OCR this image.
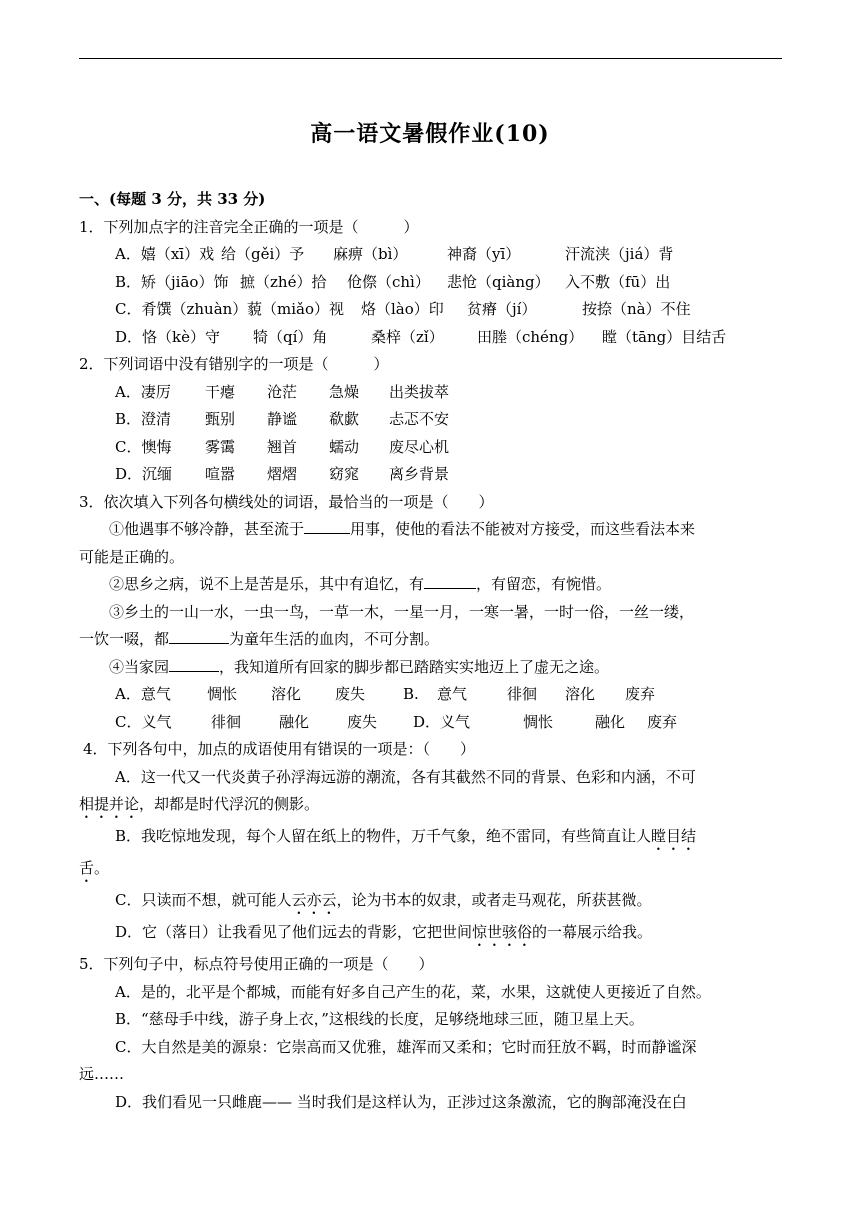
高一语文暑假作业(10)
一、(每题 3 分，共 33 分)
1．下列加点字的注音完全正确的一项是（　　　）
A．嬉（xī）戏 给（gěi）予 麻痹（bì）	神裔（yī）	汗流浃（jiá）背
B．矫（jiāo）饰 摭（zhé）拾 伧傺（chì） 悲怆（qiàng） 入不敷（fū）出
C．肴馔（zhuàn）藐（miǎo）视 烙（lào）印 贫瘠（jí）	按捺（nà）不住
D．恪（kè）守 犄（qí）角	桑梓（zǐ） 田塍（chéng） 瞠（tāng）目结舌
2．下列词语中没有错别字的一项是（　　　）
A．凄厉 干瘪 沧茫 急燥 出类拔萃
B．澄清 甄别 静谧 欷歔 忐忑不安
C．懊悔 雾霭 翘首 蠕动 废尽心机
D．沉缅 喧嚣 熠熠 窈窕 离乡背景
3．依次填入下列各句横线处的词语，最恰当的一项是（　　）
①他遇事不够冷静，甚至流于	用事，使他的看法不能被对方接受，而这些看法本来
可能是正确的。
②思乡之病，说不上是苦是乐，其中有追忆，有	，有留恋，有惋惜。
③乡土的一山一水，一虫一鸟，一草一木，一星一月，一寒一暑，一时一俗，一丝一缕，
一饮一啜，都	为童年生活的血肉，不可分割。
④当家园	，我知道所有回家的脚步都已踏踏实实地迈上了虚无之途。
A．意气 惆怅 溶化 废失	B. 意气	徘徊 溶化 废弃
C．义气	徘徊	融化	废失 D．义气	惆怅	融化 废弃
4．下列各句中，加点的成语使用有错误的一项是：（　　）
A．这一代又一代炎黄子孙浮海远游的潮流，各有其截然不同的背景、色彩和内涵，不可
相提并论，却都是时代浮沉的侧影。
B．我吃惊地发现，每个人留在纸上的物件，万千气象，绝不雷同，有些简直让人瞠目结
舌。
C．只读而不想，就可能人云亦云，论为书本的奴隶，或者走马观花，所获甚微。
D．它（落日）让我看见了他们远去的背影，它把世间惊世骇俗的一幕展示给我。
5．下列句子中，标点符号使用正确的一项是（　　）
A．是的，北平是个都城，而能有好多自己产生的花，菜，水果，这就使人更接近了自然。
B．“慈母手中线，游子身上衣，”这根线的长度，足够绕地球三匝，随卫星上天。
C．大自然是美的源泉：它崇高而又优雅，雄浑而又柔和；它时而狂放不羁，时而静谧深
远……
D．我们看见一只雌鹿—— 当时我们是这样认为，正涉过这条激流，它的胸部淹没在白
